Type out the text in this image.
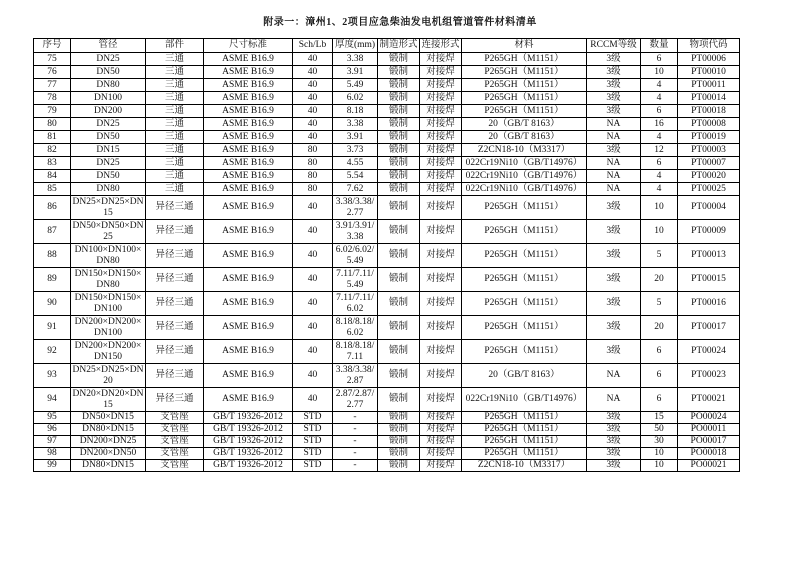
附录一：漳州1、2项目应急柴油发电机组管道管件材料清单
序号	管径	部件	尺寸标准	Sch/Lb	厚度(mm)	制造形式	连接形式	材料	RCCM等级	数量	物项代码
75	DN25	三通	ASME B16.9	40	3.38	锻制	对接焊	P265GH（M1151）	3级	6	PT00006
76	DN50	三通	ASME B16.9	40	3.91	锻制	对接焊	P265GH（M1151）	3级	10	PT00010
77	DN80	三通	ASME B16.9	40	5.49	锻制	对接焊	P265GH（M1151）	3级	4	PT00011
78	DN100	三通	ASME B16.9	40	6.02	锻制	对接焊	P265GH（M1151）	3级	4	PT00014
79	DN200	三通	ASME B16.9	40	8.18	锻制	对接焊	P265GH（M1151）	3级	6	PT00018
80	DN25	三通	ASME B16.9	40	3.38	锻制	对接焊	20（GB/T 8163）	NA	16	PT00008
81	DN50	三通	ASME B16.9	40	3.91	锻制	对接焊	20（GB/T 8163）	NA	4	PT00019
82	DN15	三通	ASME B16.9	80	3.73	锻制	对接焊	Z2CN18-10（M3317）	3级	12	PT00003
83	DN25	三通	ASME B16.9	80	4.55	锻制	对接焊	022Cr19Ni10（GB/T14976）	NA	6	PT00007
84	DN50	三通	ASME B16.9	80	5.54	锻制	对接焊	022Cr19Ni10（GB/T14976）	NA	4	PT00020
85	DN80	三通	ASME B16.9	80	7.62	锻制	对接焊	022Cr19Ni10（GB/T14976）	NA	4	PT00025
86	DN25×DN25×DN15	异径三通	ASME B16.9	40	3.38/3.38/2.77	锻制	对接焊	P265GH（M1151）	3级	10	PT00004
87	DN50×DN50×DN25	异径三通	ASME B16.9	40	3.91/3.91/3.38	锻制	对接焊	P265GH（M1151）	3级	10	PT00009
88	DN100×DN100×DN80	异径三通	ASME B16.9	40	6.02/6.02/5.49	锻制	对接焊	P265GH（M1151）	3级	5	PT00013
89	DN150×DN150×DN80	异径三通	ASME B16.9	40	7.11/7.11/5.49	锻制	对接焊	P265GH（M1151）	3级	20	PT00015
90	DN150×DN150×DN100	异径三通	ASME B16.9	40	7.11/7.11/6.02	锻制	对接焊	P265GH（M1151）	3级	5	PT00016
91	DN200×DN200×DN100	异径三通	ASME B16.9	40	8.18/8.18/6.02	锻制	对接焊	P265GH（M1151）	3级	20	PT00017
92	DN200×DN200×DN150	异径三通	ASME B16.9	40	8.18/8.18/7.11	锻制	对接焊	P265GH（M1151）	3级	6	PT00024
93	DN25×DN25×DN20	异径三通	ASME B16.9	40	3.38/3.38/2.87	锻制	对接焊	20（GB/T 8163）	NA	6	PT00023
94	DN20×DN20×DN15	异径三通	ASME B16.9	40	2.87/2.87/2.77	锻制	对接焊	022Cr19Ni10（GB/T14976）	NA	6	PT00021
95	DN50×DN15	支管座	GB/T 19326-2012	STD	-	锻制	对接焊	P265GH（M1151）	3级	15	PO00024
96	DN80×DN15	支管座	GB/T 19326-2012	STD	-	锻制	对接焊	P265GH（M1151）	3级	50	PO00011
97	DN200×DN25	支管座	GB/T 19326-2012	STD	-	锻制	对接焊	P265GH（M1151）	3级	30	PO00017
98	DN200×DN50	支管座	GB/T 19326-2012	STD	-	锻制	对接焊	P265GH（M1151）	3级	10	PO00018
99	DN80×DN15	支管座	GB/T 19326-2012	STD	-	锻制	对接焊	Z2CN18-10（M3317）	3级	10	PO00021
